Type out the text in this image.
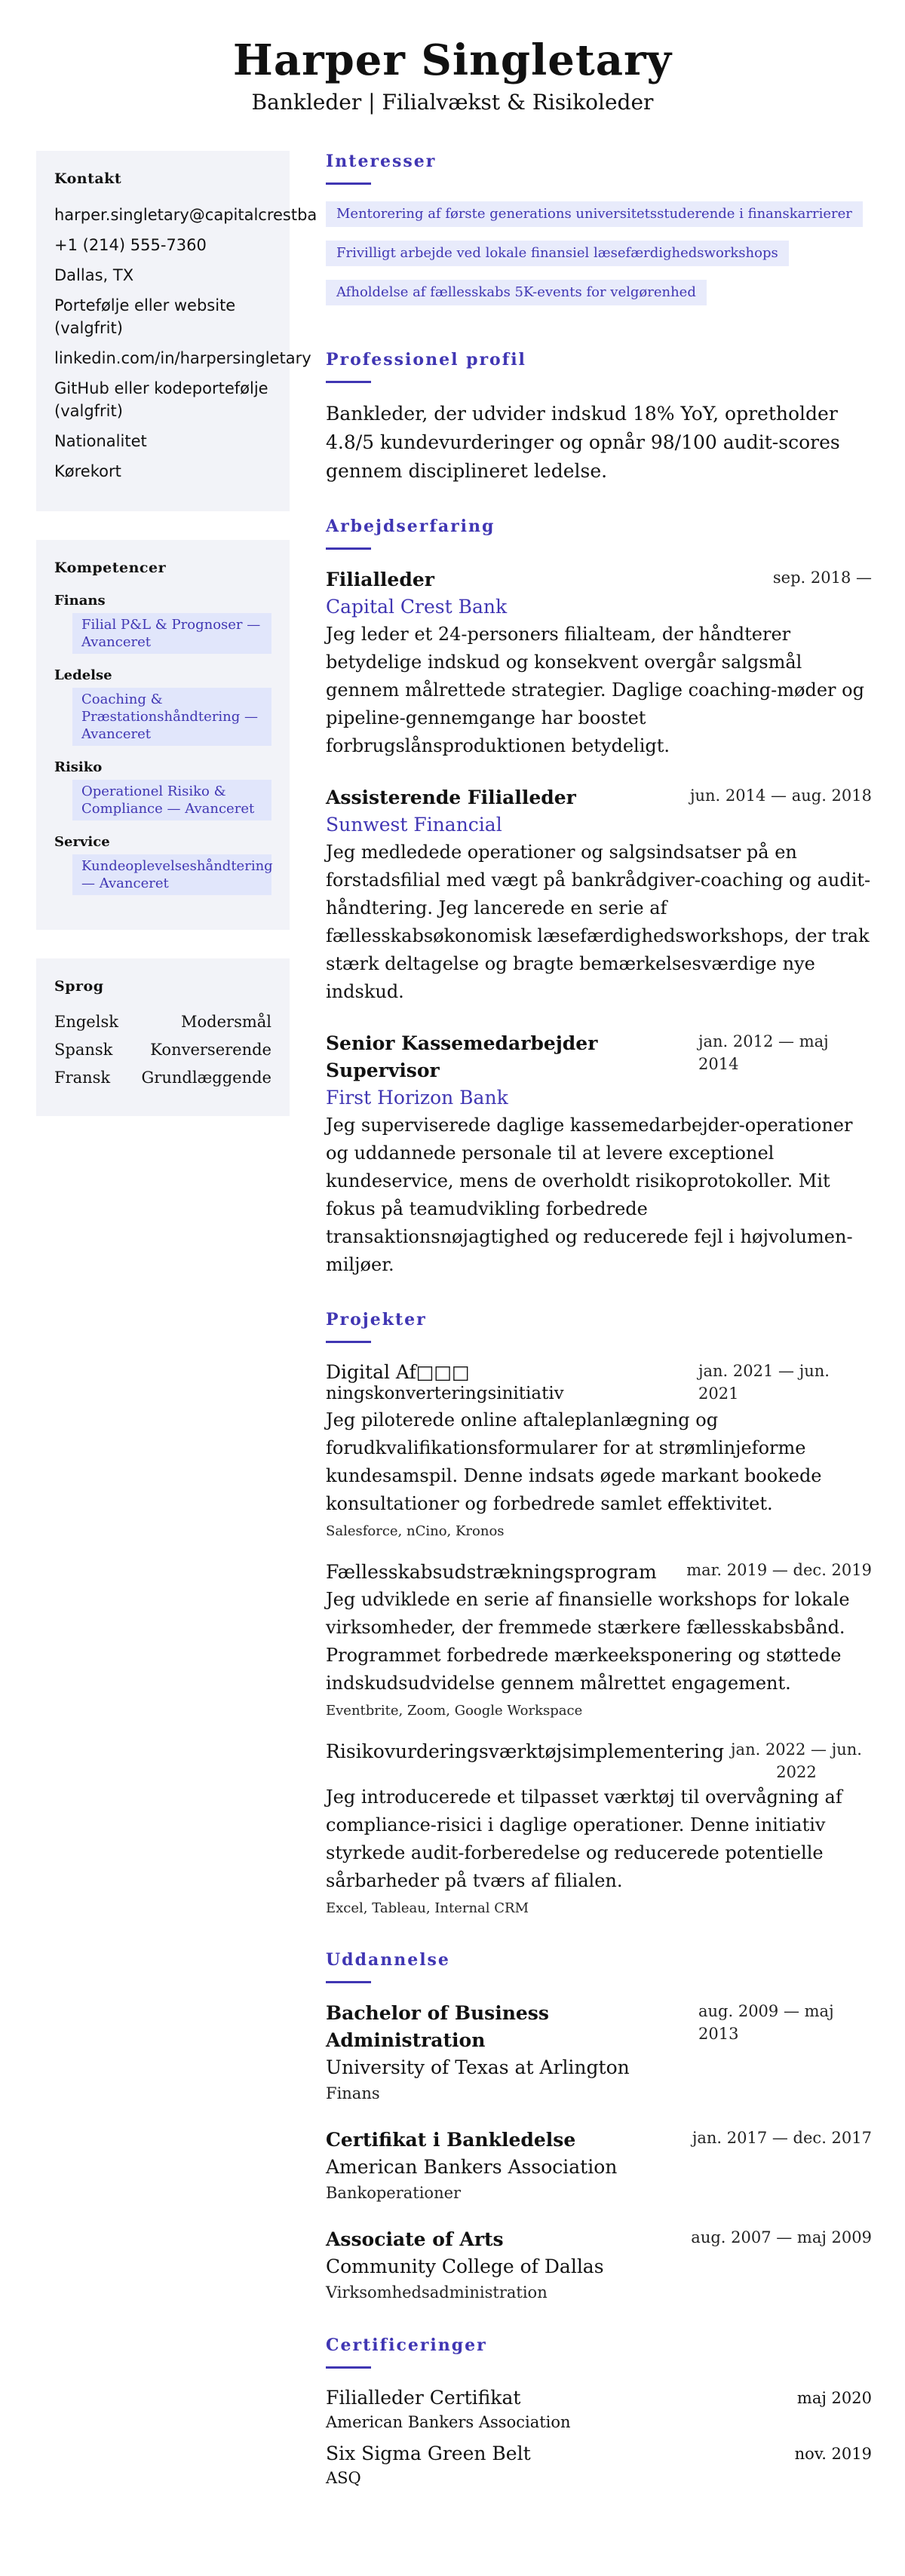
Harper Singletary
Bankleder | Filialvækst & Risikoleder
Kontakt
harper.singletary@capitalcrestba
+1 (214) 555-7360
Dallas, TX
Portefølje eller website (valgfrit)
linkedin.com/in/harpersingletary
GitHub eller kodeportefølje (valgfrit)
Nationalitet
Kørekort
Kompetencer
Finans
Filial P&L & Prognoser — Avanceret
Ledelse
Coaching & Præstationshåndtering — Avanceret
Risiko
Operationel Risiko & Compliance — Avanceret
Service
Kundeoplevelseshåndtering — Avanceret
Sprog
Engelsk	Modersmål
Spansk Konverserende
Fransk Grundlæggende
Interesser
Mentorering af første generations universitetsstuderende i finanskarrierer
Frivilligt arbejde ved lokale finansiel læsefærdighedsworkshops
Afholdelse af fællesskabs 5K-events for velgørenhed
Professionel profil

Bankleder, der udvider indskud 18% YoY, opretholder 4.8/5 kundevurderinger og opnår 98/100 audit-scores gennem disciplineret ledelse.

Arbejdserfaring
Filialleder	sep. 2018 —
Capital Crest Bank

Jeg leder et 24-personers filialteam, der håndterer betydelige indskud og konsekvent overgår salgsmål gennem målrettede strategier. Daglige coaching-møder og pipeline-gennemgange har boostet forbrugslånsproduktionen betydeligt.

Assisterende Filialleder	jun. 2014 — aug. 2018
Sunwest Financial

Jeg medledede operationer og salgsindsatser på en forstadsfilial med vægt på bankrådgiver-coaching og audit-håndtering. Jeg lancerede en serie af fællesskabsøkonomisk læsefærdighedsworkshops, der trak stærk deltagelse og bragte bemærkelsesværdige nye indskud.

Senior Kassemedarbejder Supervisor
jan. 2012 — maj 2014
First Horizon Bank

Jeg superviserede daglige kassemedarbejder-operationer og uddannede personale til at levere exceptionel kundeservice, mens de overholdt risikoprotokoller. Mit fokus på teamudvikling forbedrede transaktionsnøjagtighed og reducerede fejl i højvolumen-miljøer.

Projekter
Digital Af□□□
ningskonverteringsinitiativ
jan. 2021 — jun. 2021

Jeg piloterede online aftaleplanlægning og forudkvalifikationsformularer for at strømlinjeforme kundesamspil. Denne indsats øgede markant bookede konsultationer og forbedrede samlet effektivitet.

Salesforce, nCino, Kronos
Fællesskabsudstrækningsprogram mar. 2019 — dec. 2019

Jeg udviklede en serie af finansielle workshops for lokale virksomheder, der fremmede stærkere fællesskabsbånd. Programmet forbedrede mærkeeksponering og støttede indskudsudvidelse gennem målrettet engagement.

Eventbrite, Zoom, Google Workspace
Risikovurderingsværktøjsimplementering jan. 2022 — jun. 2022

Jeg introducerede et tilpasset værktøj til overvågning af compliance-risici i daglige operationer. Denne initiativ styrkede audit-forberedelse og reducerede potentielle sårbarheder på tværs af filialen.

Excel, Tableau, Internal CRM
Uddannelse
Bachelor of Business Administration
aug. 2009 — maj 2013
University of Texas at Arlington
Finans
Certifikat i Bankledelse	jan. 2017 — dec. 2017
American Bankers Association
Bankoperationer
Associate of Arts	aug. 2007 — maj 2009
Community College of Dallas
Virksomhedsadministration
Certificeringer
Filialleder Certifikat
American Bankers Association
maj 2020
Six Sigma Green Belt
ASQ
nov. 2019
